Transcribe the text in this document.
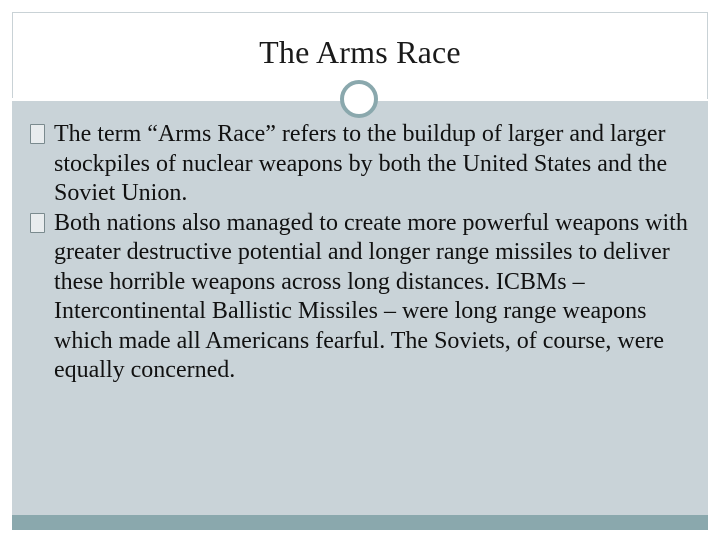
The Arms Race
The term “Arms Race” refers to the buildup of larger and larger stockpiles of nuclear weapons by both the United States and the Soviet Union.
Both nations also managed to create more powerful weapons with greater destructive potential and longer range missiles to deliver these horrible weapons across long distances. ICBMs – Intercontinental Ballistic Missiles – were long range weapons which made all Americans fearful. The Soviets, of course, were equally concerned.
